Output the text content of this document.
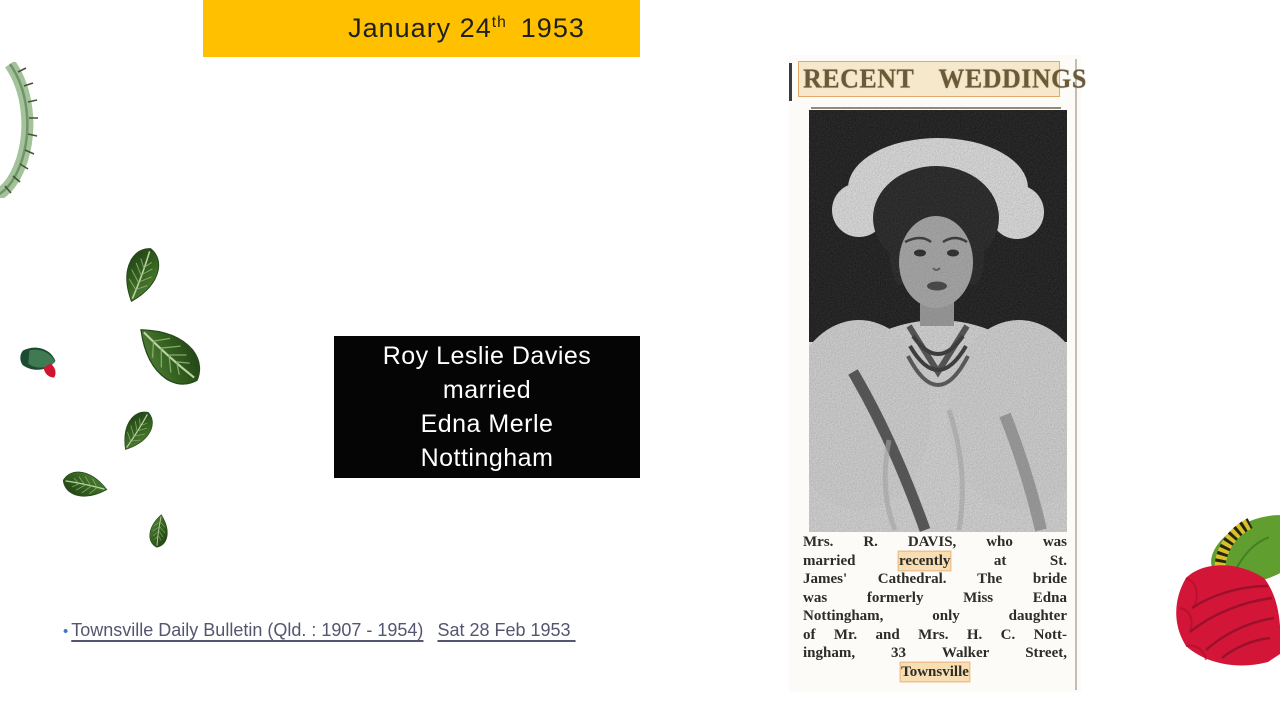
January 24th 1953
Roy Leslie Davies
married
Edna Merle
Nottingham
• Townsville Daily Bulletin (Qld. : 1907 - 1954) Sat 28 Feb 1953
RECENT WEDDINGS
Mrs. R. DAVIS, who was
married	recently	at	St.
James' Cathedral. The bride
was	formerly	Miss	Edna
Nottingham,	only	daughter
of Mr. and Mrs. H. C. Nott-
ingham, 33 Walker Street,
Townsville
